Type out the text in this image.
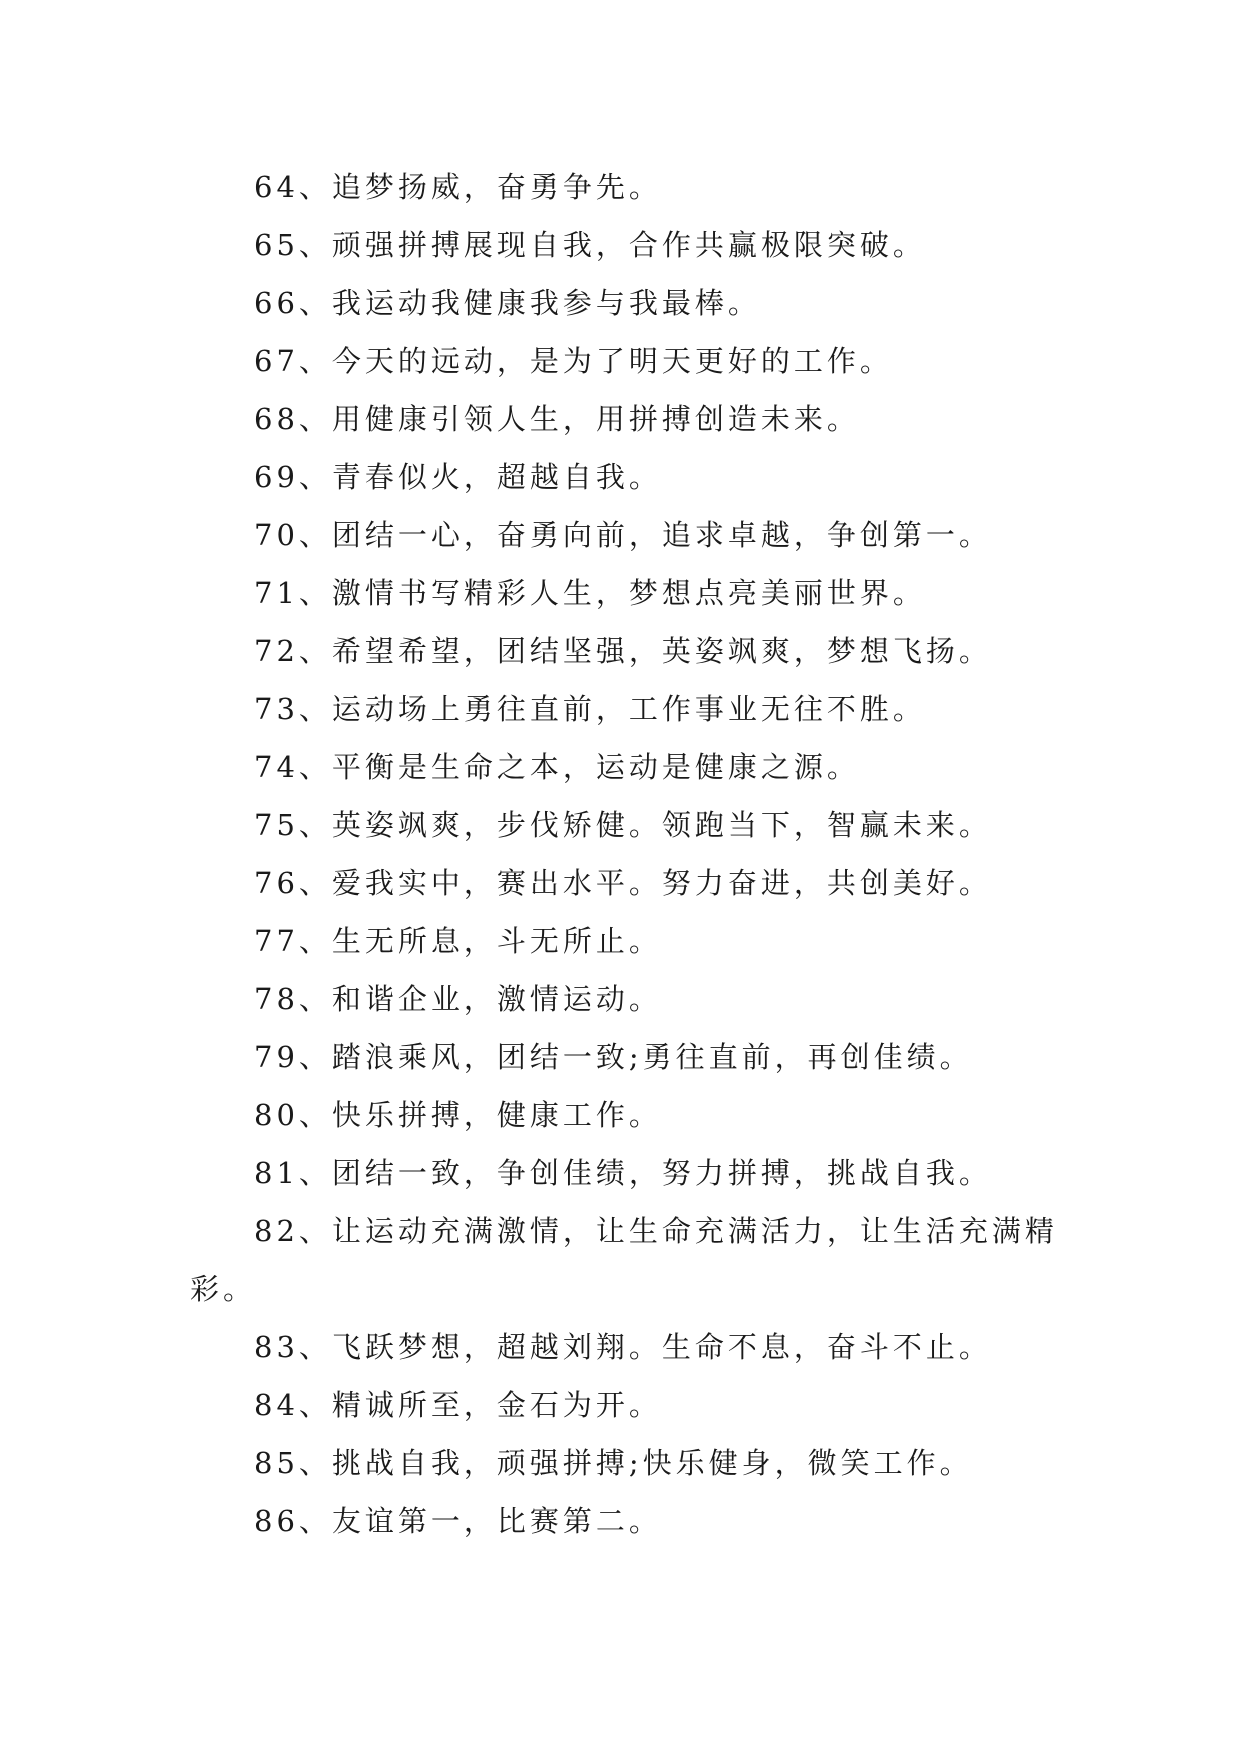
64、追梦扬威，奋勇争先。
65、顽强拼搏展现自我，合作共赢极限突破。
66、我运动我健康我参与我最棒。
67、今天的远动，是为了明天更好的工作。
68、用健康引领人生，用拼搏创造未来。
69、青春似火，超越自我。
70、团结一心，奋勇向前，追求卓越，争创第一。
71、激情书写精彩人生，梦想点亮美丽世界。
72、希望希望，团结坚强，英姿飒爽，梦想飞扬。
73、运动场上勇往直前，工作事业无往不胜。
74、平衡是生命之本，运动是健康之源。
75、英姿飒爽，步伐矫健。领跑当下，智赢未来。
76、爱我实中，赛出水平。努力奋进，共创美好。
77、生无所息，斗无所止。
78、和谐企业，激情运动。
79、踏浪乘风，团结一致;勇往直前，再创佳绩。
80、快乐拼搏，健康工作。
81、团结一致，争创佳绩，努力拼搏，挑战自我。
82、让运动充满激情，让生命充满活力，让生活充满精
彩。
83、飞跃梦想，超越刘翔。生命不息，奋斗不止。
84、精诚所至，金石为开。
85、挑战自我，顽强拼搏;快乐健身，微笑工作。
86、友谊第一，比赛第二。
